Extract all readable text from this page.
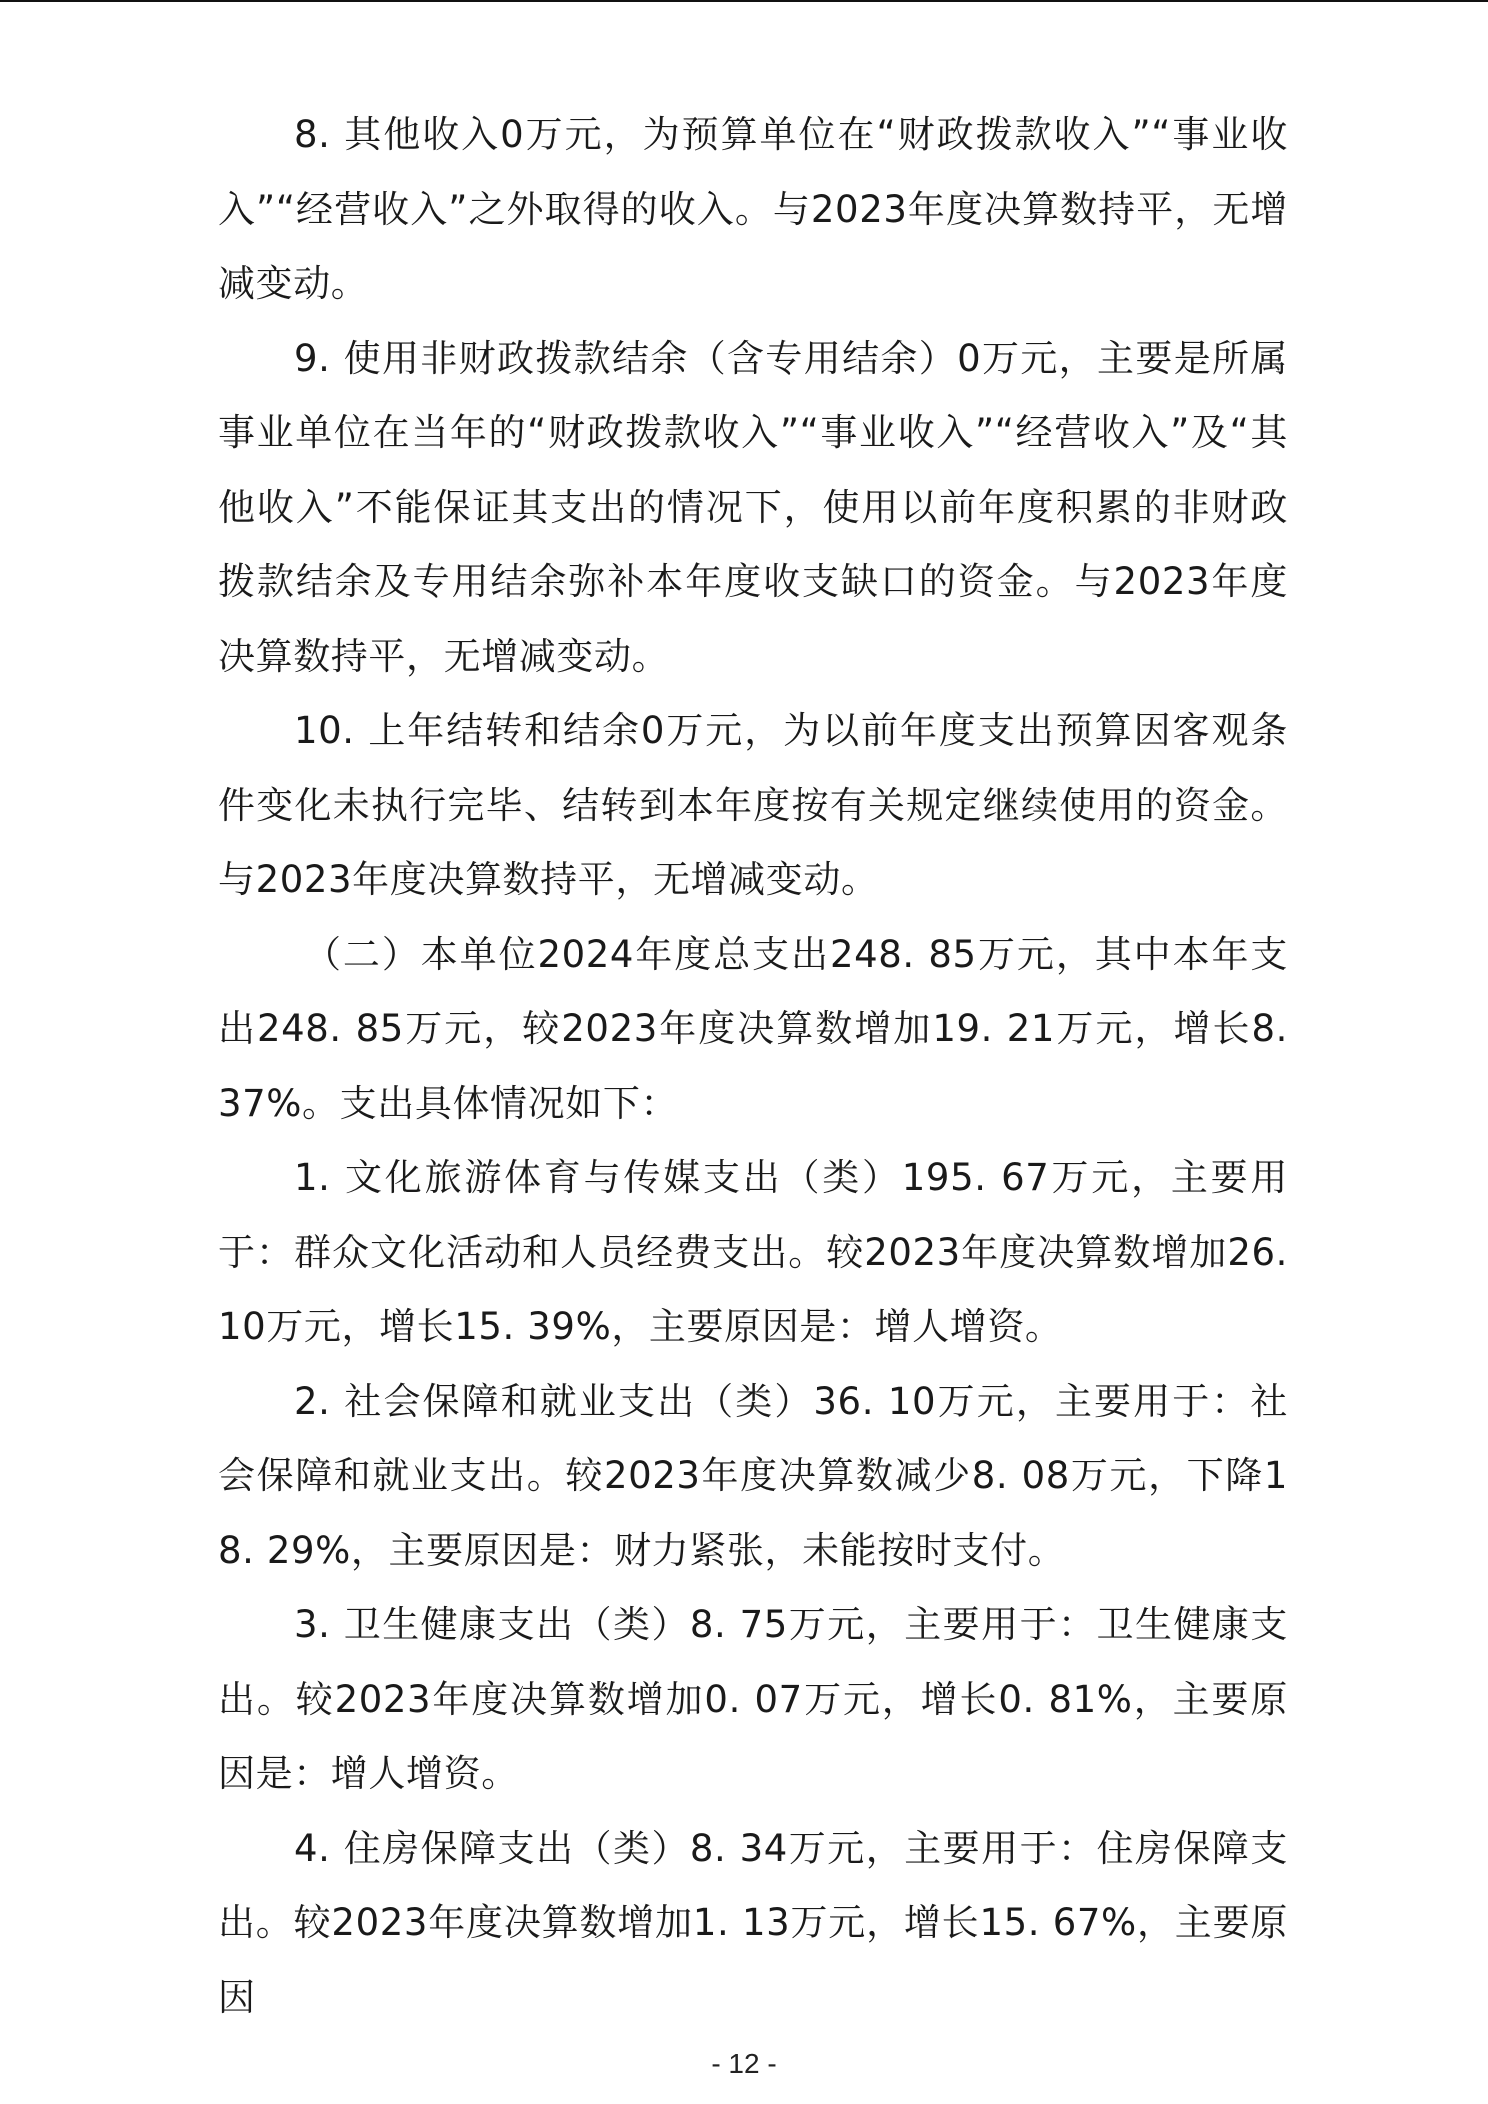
8. 其他收入0万元，为预算单位在“财政拨款收入”“事业收入”“经营收入”之外取得的收入。与2023年度决算数持平，无增减变动。

9. 使用非财政拨款结余（含专用结余）0万元，主要是所属事业单位在当年的“财政拨款收入”“事业收入”“经营收入”及“其他收入”不能保证其支出的情况下，使用以前年度积累的非财政拨款结余及专用结余弥补本年度收支缺口的资金。与2023年度决算数持平，无增减变动。

10. 上年结转和结余0万元，为以前年度支出预算因客观条件变化未执行完毕、结转到本年度按有关规定继续使用的资金。与2023年度决算数持平，无增减变动。

（二）本单位2024年度总支出248. 85万元，其中本年支出248. 85万元，较2023年度决算数增加19. 21万元，增长8. 37%。支出具体情况如下：

1. 文化旅游体育与传媒支出（类）195. 67万元，主要用于：群众文化活动和人员经费支出。较2023年度决算数增加26. 10万元，增长15. 39%，主要原因是：增人增资。

2. 社会保障和就业支出（类）36. 10万元，主要用于：社会保障和就业支出。较2023年度决算数减少8. 08万元，下降18. 29%，主要原因是：财力紧张，未能按时支付。

3. 卫生健康支出（类）8. 75万元，主要用于：卫生健康支出。较2023年度决算数增加0. 07万元，增长0. 81%，主要原因是：增人增资。

4. 住房保障支出（类）8. 34万元，主要用于：住房保障支出。较2023年度决算数增加1. 13万元，增长15. 67%，主要原因

- 12 -
